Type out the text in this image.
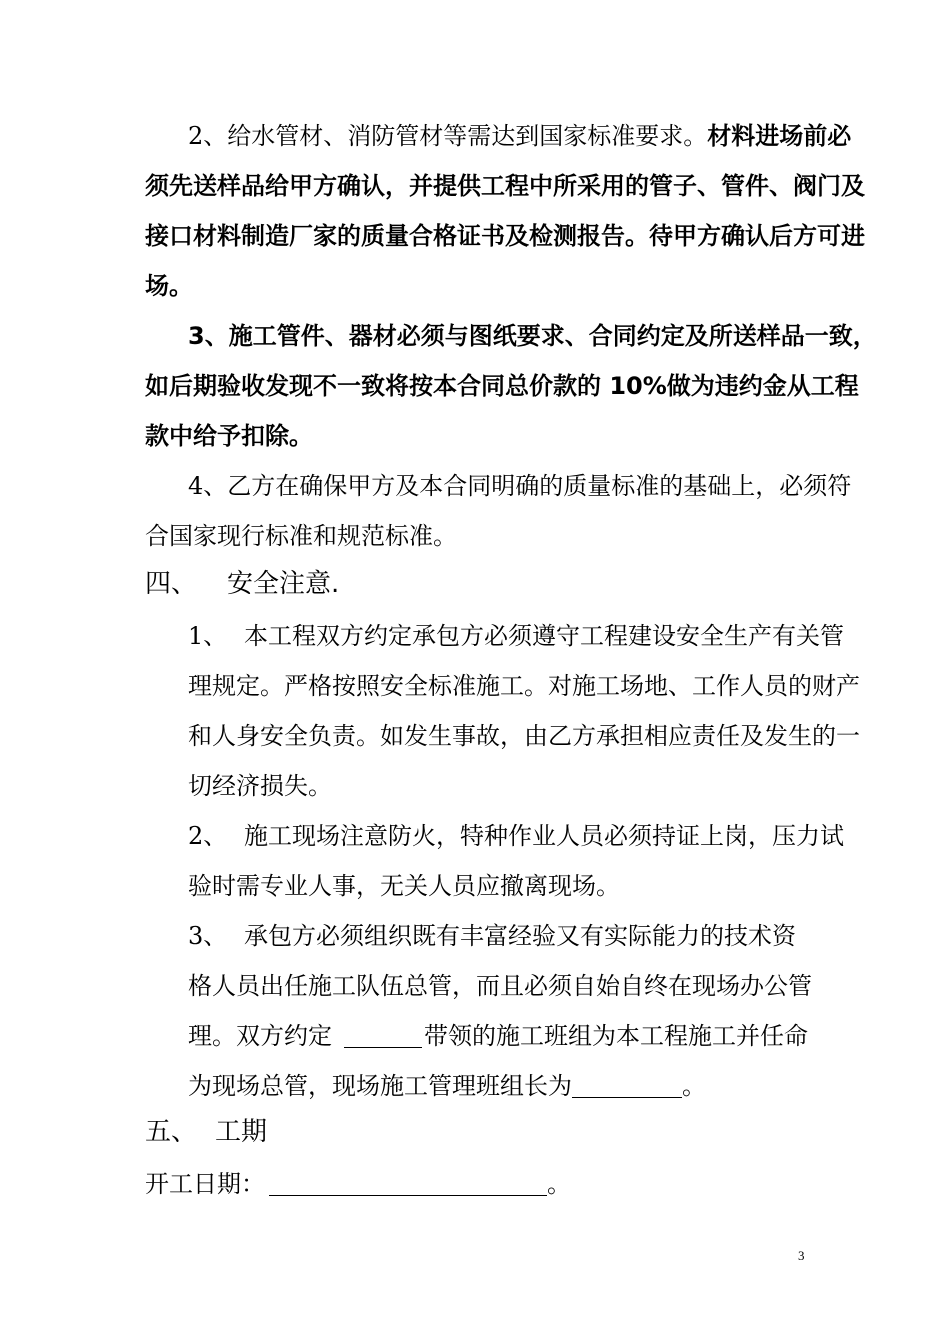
2、给水管材、消防管材等需达到国家标准要求。材料进场前必
须先送样品给甲方确认，并提供工程中所采用的管子、管件、阀门及
接口材料制造厂家的质量合格证书及检测报告。待甲方确认后方可进
场。
3、施工管件、器材必须与图纸要求、合同约定及所送样品一致，
如后期验收发现不一致将按本合同总价款的 10%做为违约金从工程
款中给予扣除。
4、乙方在确保甲方及本合同明确的质量标准的基础上，必须符
合国家现行标准和规范标准。
四、 安全注意.
1、 本工程双方约定承包方必须遵守工程建设安全生产有关管
理规定。严格按照安全标准施工。对施工场地、工作人员的财产
和人身安全负责。如发生事故，由乙方承担相应责任及发生的一
切经济损失。
2、 施工现场注意防火，特种作业人员必须持证上岗，压力试
验时需专业人事，无关人员应撤离现场。
3、 承包方必须组织既有丰富经验又有实际能力的技术资
格人员出任施工队伍总管，而且必须自始自终在现场办公管
理。双方约定	带领的施工班组为本工程施工并任命
为现场总管，现场施工管理班组长为	。
五、 工期
开工日期：	。
3
